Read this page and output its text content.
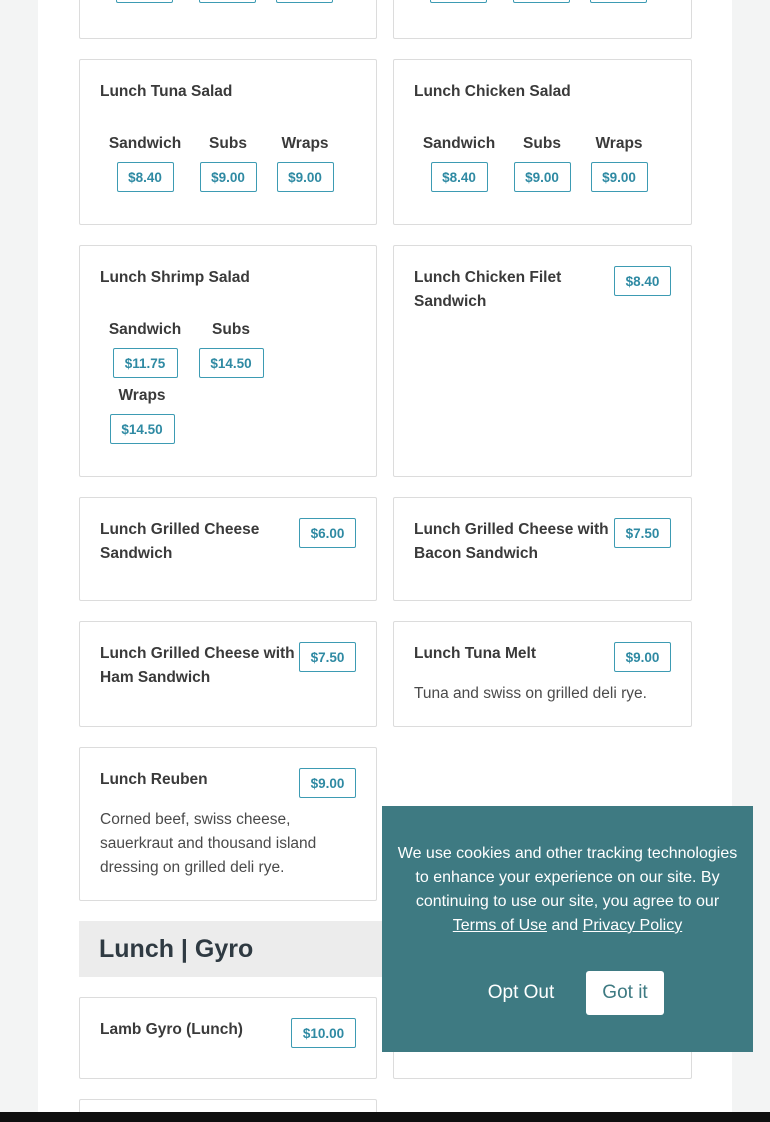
Lunch Tuna Salad
Sandwich
$8.40
Subs
$9.00
Wraps
$9.00
Lunch Chicken Salad
Sandwich
$8.40
Subs
$9.00
Wraps
$9.00
Lunch Shrimp Salad
Sandwich
$11.75
Subs
$14.50
Wraps
$14.50
Lunch Chicken Filet
Sandwich
$8.40
Lunch Grilled Cheese
Sandwich
$6.00	Lunch Grilled Cheese with
Bacon Sandwich
$7.50
Lunch Grilled Cheese with
Ham Sandwich
$7.50	Lunch Tuna Melt	$9.00
Tuna and swiss on grilled deli rye.
Lunch Reuben	$9.00
Corned beef, swiss cheese,
sauerkraut and thousand island
dressing on grilled deli rye.
Lunch | Gyro
Lamb Gyro (Lunch)	$10.00
We use cookies and other tracking technologies
to enhance your experience on our site. By
continuing to use our site, you agree to our
Terms of Use and Privacy Policy
Opt Out	Got it
